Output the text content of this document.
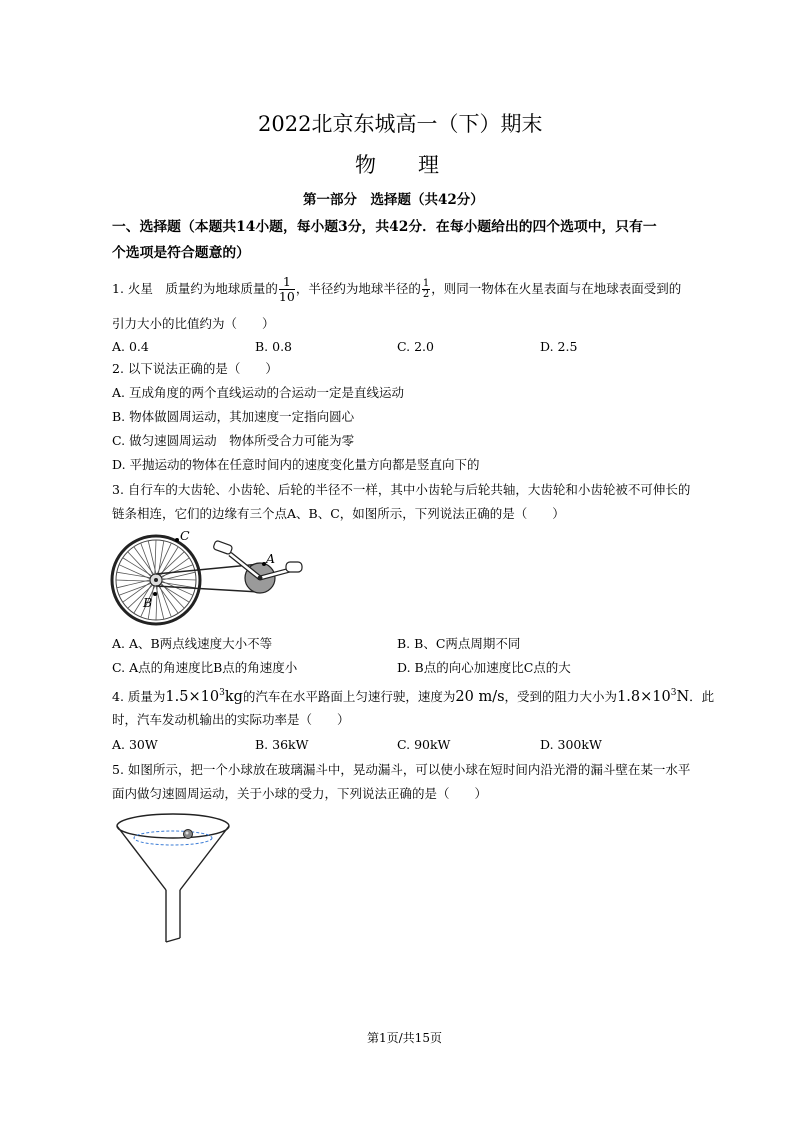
2022北京东城高一（下）期末
物　　理
第一部分　选择题（共42分）
一、选择题（本题共14小题，每小题3分，共42分．在每小题给出的四个选项中，只有一
个选项是符合题意的）
1. 火星　质量约为地球质量的 $\frac{1}{10}$ ，半径约为地球半径的 $\frac{1}{2}$ ，则同一物体在火星表面与在地球表面受到的
引力大小的比值约为（　　）
A. 0.4	B. 0.8	C. 2.0	D. 2.5
2. 以下说法正确的是（　　）
A. 互成角度的两个直线运动的合运动一定是直线运动
B. 物体做圆周运动，其加速度一定指向圆心
C. 做匀速圆周运动　物体所受合力可能为零
D. 平抛运动的物体在任意时间内的速度变化量方向都是竖直向下的
3. 自行车的大齿轮、小齿轮、后轮的半径不一样，其中小齿轮与后轮共轴，大齿轮和小齿轮被不可伸长的
链条相连，它们的边缘有三个点A、B、C，如图所示，下列说法正确的是（　　）
C
A
B
A. A、B两点线速度大小不等	B. B、C两点周期不同
C. A点的角速度比B点的角速度小	D. B点的向心加速度比C点的大
4. 质量为$1.5\times 10^3kg$的汽车在水平路面上匀速行驶，速度为20 m/s，受到的阻力大小为$1.8\times 10^3N$．此
时，汽车发动机输出的实际功率是（　　）
A. 30W	B. 36kW	C. 90kW	D. 300kW
5. 如图所示，把一个小球放在玻璃漏斗中，晃动漏斗，可以使小球在短时间内沿光滑的漏斗壁在某一水平
面内做匀速圆周运动，关于小球的受力，下列说法正确的是（　　）
第1页/共15页
